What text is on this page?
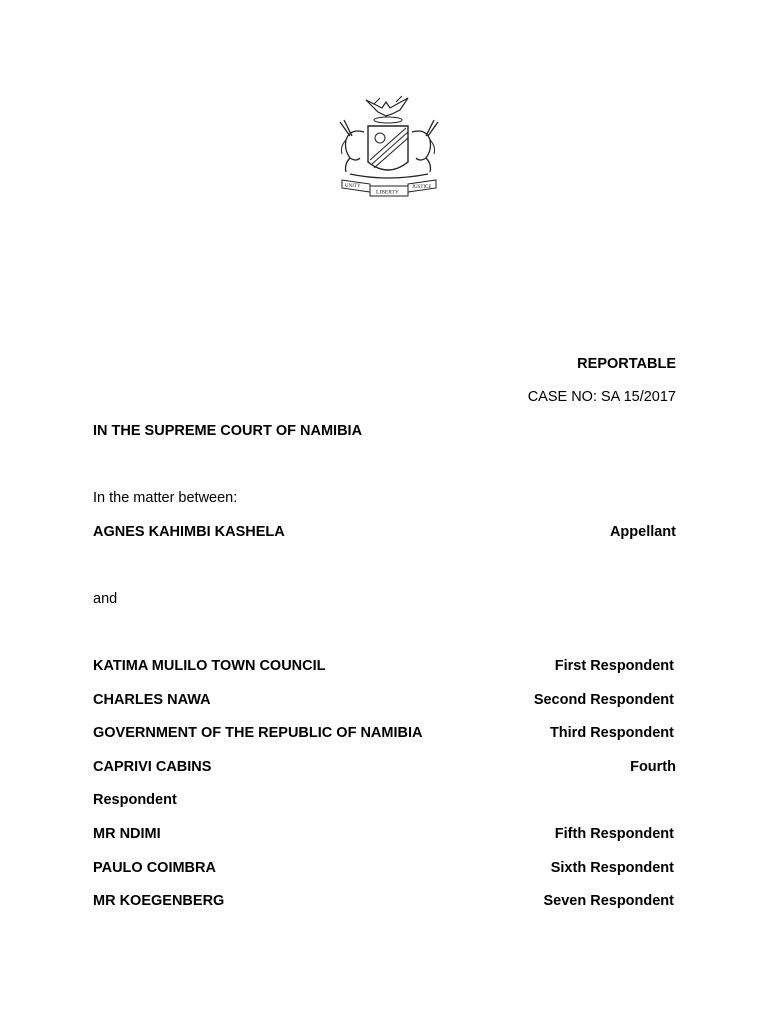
UNITY
LIBERTY
JUSTICE
REPORTABLE
CASE NO: SA 15/2017
IN THE SUPREME COURT OF NAMIBIA
In the matter between:
AGNES KAHIMBI KASHELA	Appellant
and
KATIMA MULILO TOWN COUNCIL	First Respondent
CHARLES NAWA	Second Respondent
GOVERNMENT OF THE REPUBLIC OF NAMIBIA	Third Respondent
CAPRIVI CABINS	Fourth
Respondent
MR NDIMI	Fifth Respondent
PAULO COIMBRA	Sixth Respondent
MR KOEGENBERG	Seven Respondent
